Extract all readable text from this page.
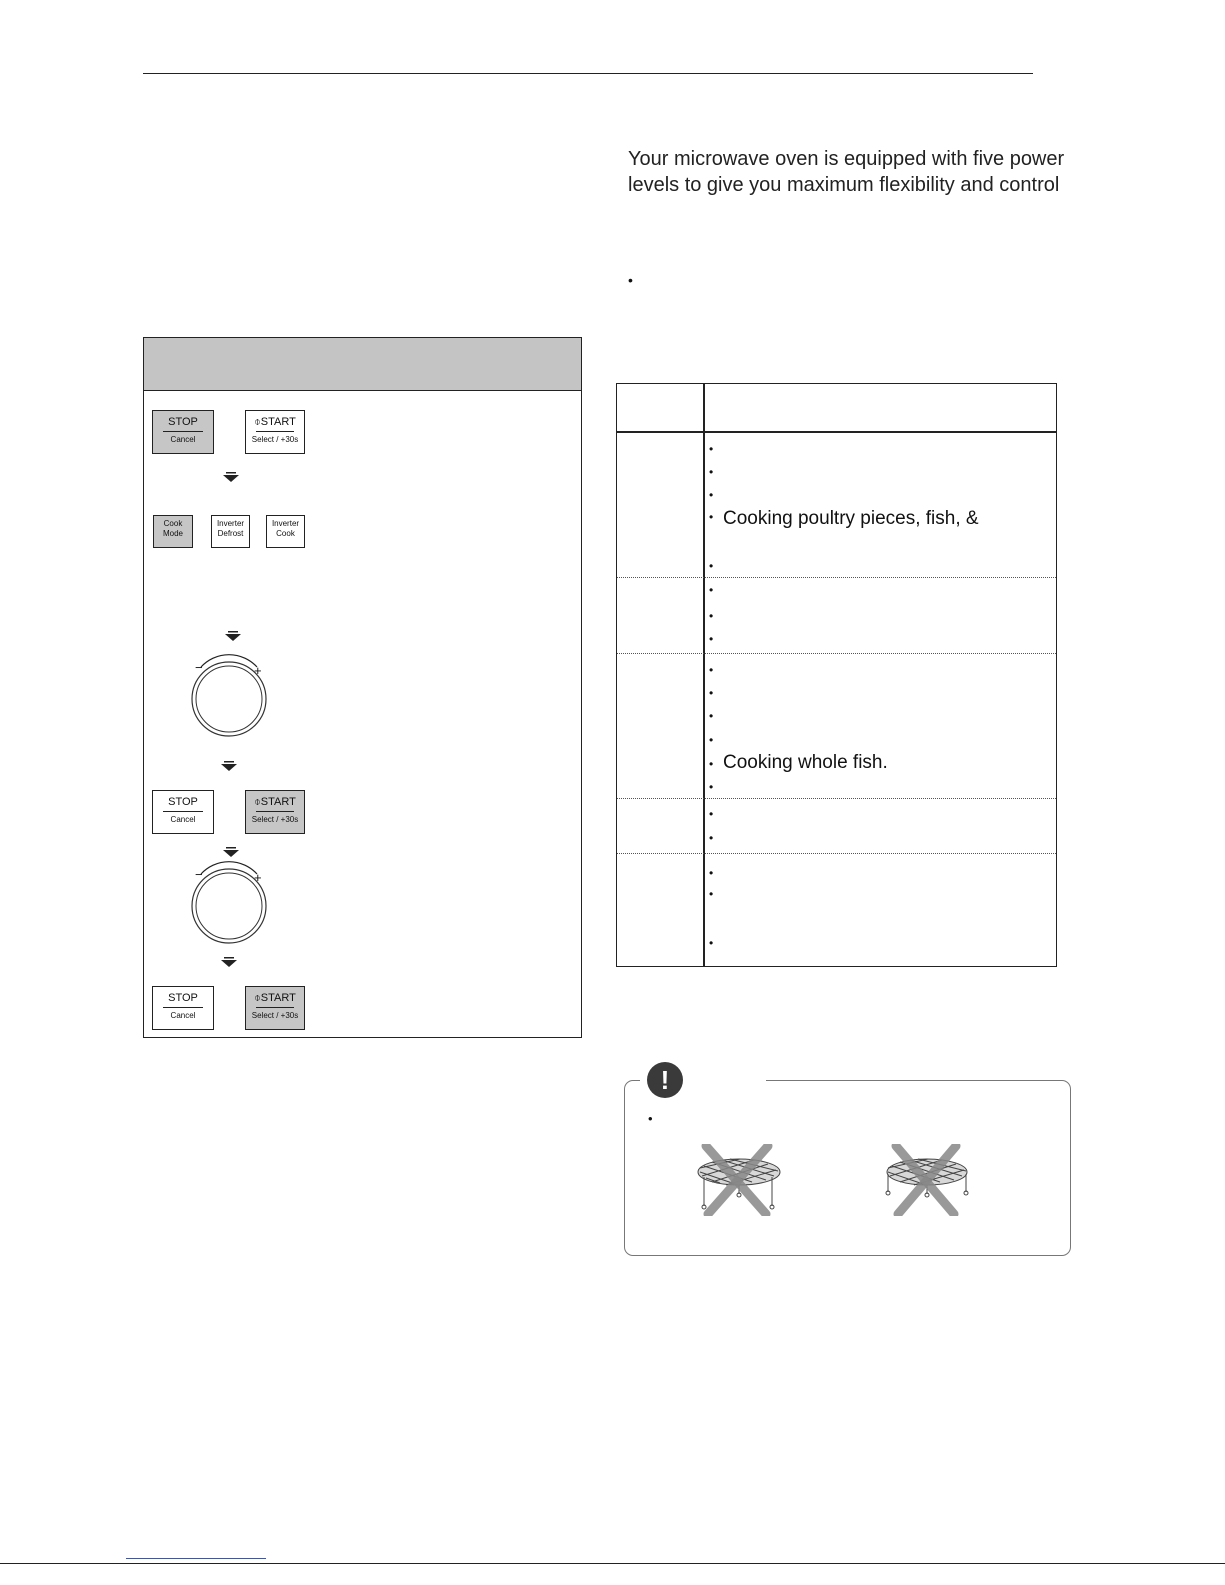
Your microwave oven is equipped with five power
levels to give you maximum flexibility and control
•
STOP
Cancel
⌽START
Select / +30s
Cook
Mode
Inverter
Defrost
Inverter
Cook
−	+
STOP
Cancel
⌽START
Select / +30s
−	+
STOP
Cancel
⌽START
Select / +30s
•
•
•
• Cooking poultry pieces, fish, &
•
•
•
•
•
•
•
•
• Cooking whole fish.
•
•
•
•
•
•
!
•
